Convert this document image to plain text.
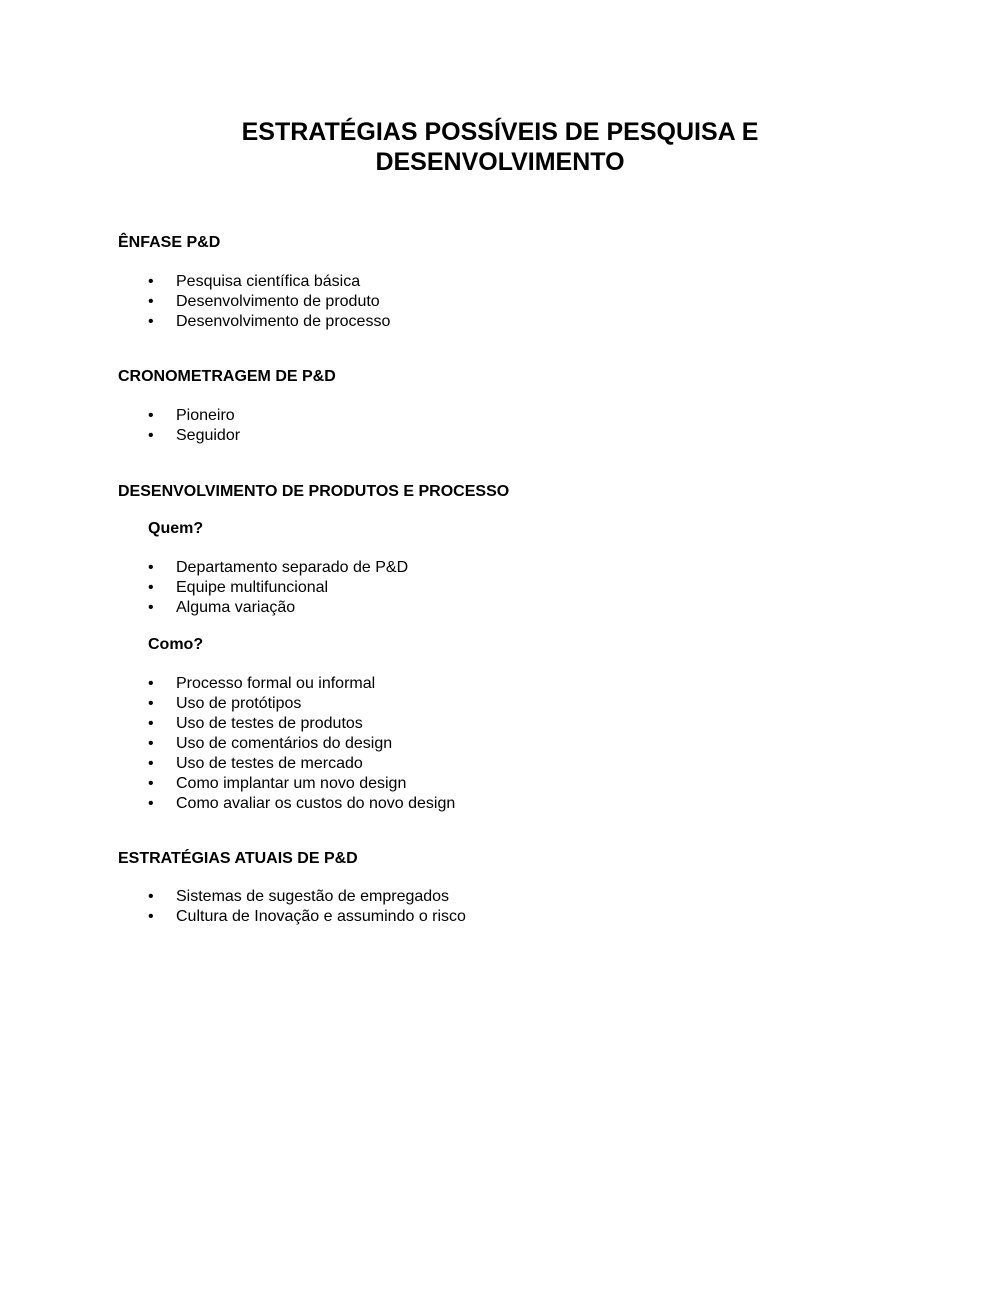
ESTRATÉGIAS POSSÍVEIS DE PESQUISA E DESENVOLVIMENTO

ÊNFASE P&D

• Pesquisa científica básica
• Desenvolvimento de produto
• Desenvolvimento de processo

CRONOMETRAGEM DE P&D

• Pioneiro
• Seguidor

DESENVOLVIMENTO DE PRODUTOS E PROCESSO

Quem?

• Departamento separado de P&D
• Equipe multifuncional
• Alguma variação

Como?

• Processo formal ou informal
• Uso de protótipos
• Uso de testes de produtos
• Uso de comentários do design
• Uso de testes de mercado
• Como implantar um novo design
• Como avaliar os custos do novo design

ESTRATÉGIAS ATUAIS DE P&D

• Sistemas de sugestão de empregados
• Cultura de Inovação e assumindo o risco
